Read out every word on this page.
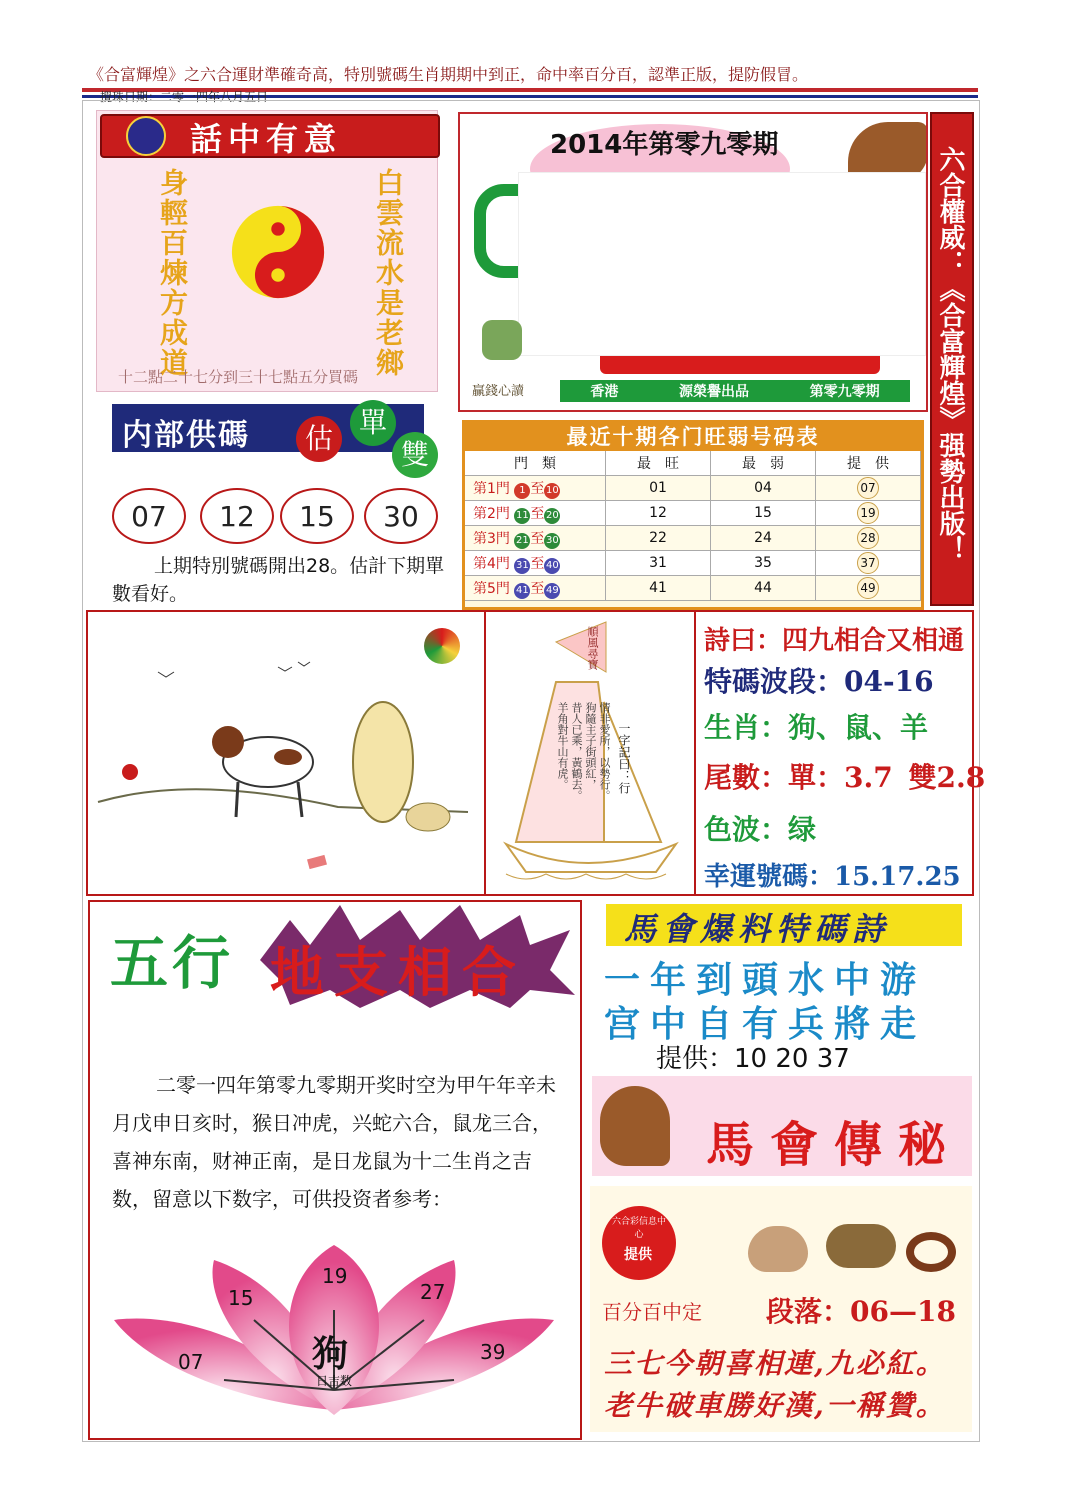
《合富輝煌》之六合運財準確奇高，特別號碼生肖期期中到正，命中率百分百，認準正版，提防假冒。
攪珠日期：二零一四年八月五日
話中有意
身輕百煉方成道	白雲流水是老鄉
十二點二十七分到三十七點五分買碼
贏錢心讀	香港	源榮譽出品	第零九零期
2014年第零九零期
六合權威：《合富輝煌》强勢出版！
内部供碼	估 單
雙
07	12	15	30
上期特別號碼開出28。估計下期單數看好。
最近十期各门旺弱号码表
門　類	最　旺	最　弱	提　供
第1門 1 至 10	01	04	07
第2門 11 至 20	12	15	19
第3門 21 至 30	22	24	28
第4門 31 至 40	31	35	37
第5門 41 至 49	41	44	49
順風尋寶
一字記曰：行
情非愛所，以勢行。
狗隨主子街頭紅，
昔人已乘，黃鶴去。
羊角對牛山有虎。
詩曰：四九相合又相通
特碼波段：04-16
生肖：狗、鼠、羊
尾數：單：3.7 雙2.8
色波：绿
幸運號碼：15.17.25
五行 地支相合
二零一四年第零九零期开奖时空为甲午年辛未月戊申日亥时，猴日冲虎，兴蛇六合，鼠龙三合，喜神东南，财神正南，是日龙鼠为十二生肖之吉数，留意以下数字，可供投资者参考：
07
15
19
27
39
狗
日吉数
馬會爆料特碼詩
一年到頭水中游
宫中自有兵將走
提供：10 20 37
馬會傳秘
六合彩信息中心
提供
百分百中定 段落：06—18
三七今朝喜相連,九必紅。
老牛破車勝好漢,一稱贊。
